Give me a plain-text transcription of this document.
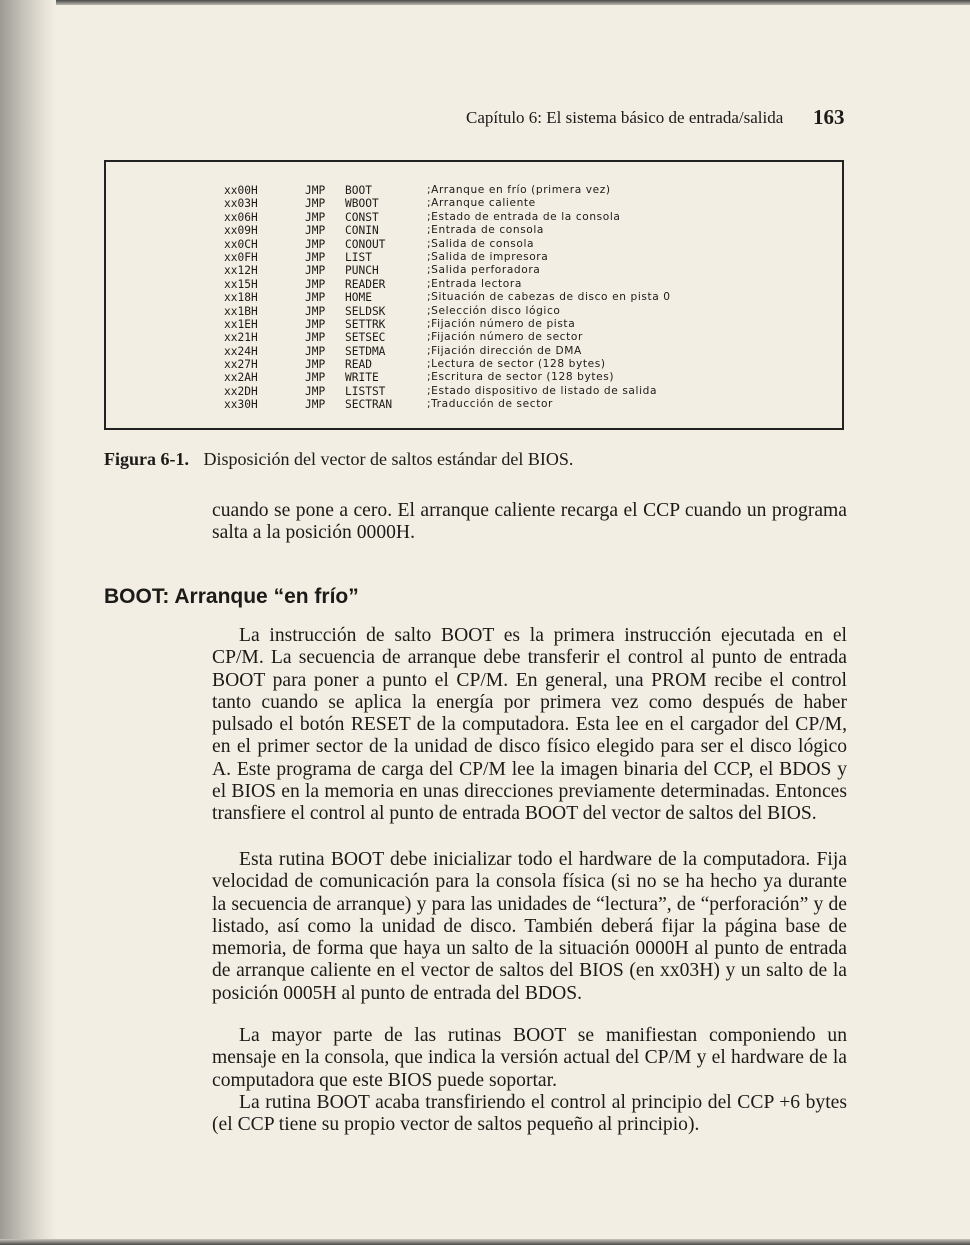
Capítulo 6: El sistema básico de entrada/salida 163
xx00H	JMP BOOT	;Arranque en frío (primera vez)
xx03H	JMP WBOOT	;Arranque caliente
xx06H	JMP CONST	;Estado de entrada de la consola
xx09H	JMP CONIN	;Entrada de consola
xx0CH	JMP CONOUT	;Salida de consola
xx0FH	JMP LIST	;Salida de impresora
xx12H	JMP PUNCH	;Salida perforadora
xx15H	JMP READER	;Entrada lectora
xx18H	JMP HOME	;Situación de cabezas de disco en pista 0
xx1BH	JMP SELDSK	;Selección disco lógico
xx1EH	JMP SETTRK	;Fijación número de pista
xx21H	JMP SETSEC	;Fijación número de sector
xx24H	JMP SETDMA	;Fijación dirección de DMA
xx27H	JMP READ	;Lectura de sector (128 bytes)
xx2AH	JMP WRITE	;Escritura de sector (128 bytes)
xx2DH	JMP LISTST	;Estado dispositivo de listado de salida
xx30H	JMP SECTRAN	;Traducción de sector
Figura 6-1. Disposición del vector de saltos estándar del BIOS.
cuando se pone a cero. El arranque caliente recarga el CCP cuando un programa salta a la posición 0000H.
BOOT: Arranque “en frío”
La instrucción de salto BOOT es la primera instrucción ejecutada en el CP/M. La secuencia de arranque debe transferir el control al punto de entrada BOOT para poner a punto el CP/M. En general, una PROM recibe el control tanto cuando se aplica la energía por primera vez como después de haber pulsado el botón RESET de la computadora. Esta lee en el cargador del CP/M, en el primer sector de la unidad de disco físico elegido para ser el disco lógico A. Este programa de carga del CP/M lee la imagen binaria del CCP, el BDOS y el BIOS en la memoria en unas direcciones previamente determinadas. Entonces transfiere el control al punto de entrada BOOT del vector de saltos del BIOS.
Esta rutina BOOT debe inicializar todo el hardware de la computadora. Fija velocidad de comunicación para la consola física (si no se ha hecho ya durante la secuencia de arranque) y para las unidades de “lectura”, de “perforación” y de listado, así como la unidad de disco. También deberá fijar la página base de memoria, de forma que haya un salto de la situación 0000H al punto de entrada de arranque caliente en el vector de saltos del BIOS (en xx03H) y un salto de la posición 0005H al punto de entrada del BDOS.
La mayor parte de las rutinas BOOT se manifiestan componiendo un mensaje en la consola, que indica la versión actual del CP/M y el hardware de la computadora que este BIOS puede soportar.
La rutina BOOT acaba transfiriendo el control al principio del CCP +6 bytes (el CCP tiene su propio vector de saltos pequeño al principio).
